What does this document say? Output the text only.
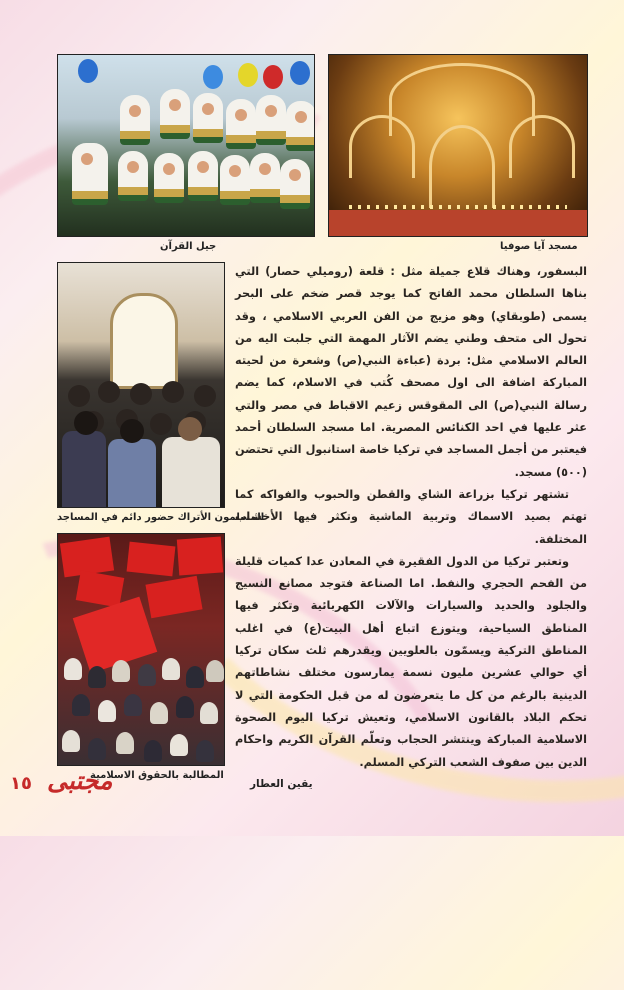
جيل القرآن	مسجد آيا صوفيا
المسلمون الأتراك حضور دائم في المساجد
المطالبة بالحقوق الاسلامية

البسفور، وهناك قلاع جميلة مثل : قلعة (روميلي حصار) التي بناها السلطان محمد الفاتح كما يوجد قصر ضخم على البحر يسمى (طوبقاي) وهو مزيج من الفن العربي الاسلامي ، وقد تحول الى متحف وطني يضم الآثار المهمة التي جلبت اليه من العالم الاسلامي مثل: بردة (عباءة النبي(ص) وشعرة من لحيته المباركة اضافة الى اول مصحف كُتب في الاسلام، كما يضم رسالة النبي(ص) الى المقوقس زعيم الاقباط في مصر والتي عثر عليها في احد الكنائس المصرية. اما مسجد السلطان أحمد فيعتبر من أجمل المساجد في تركيا خاصة استانبول التي تحتضن (٥٠٠) مسجد.

تشتهر تركيا بزراعة الشاي والقطن والحبوب والفواكه كما تهتم بصيد الاسماك وتربية الماشية وتكثر فيها الأخشاب المختلفة.

وتعتبر تركيا من الدول الفقيرة في المعادن عدا كميات قليلة من الفحم الحجري والنفط. اما الصناعة فتوجد مصانع النسيج والجلود والحديد والسيارات والآلات الكهربائية وتكثر فيها المناطق السياحية، ويتوزع اتباع أهل البيت(ع) في اغلب المناطق التركية ويسمّون بالعلويين ويقدرهم ثلث سكان تركيا أي حوالي عشرين مليون نسمة يمارسون مختلف نشاطاتهم الدينية بالرغم من كل ما يتعرضون له من قبل الحكومة التي لا تحكم البلاد بالقانون الاسلامي، وتعيش تركيا اليوم الصحوة الاسلامية المباركة وينتشر الحجاب وتعلّم القرآن الكريم واحكام الدين بين صفوف الشعب التركي المسلم.

يقين العطار
مجتبى
١٥
